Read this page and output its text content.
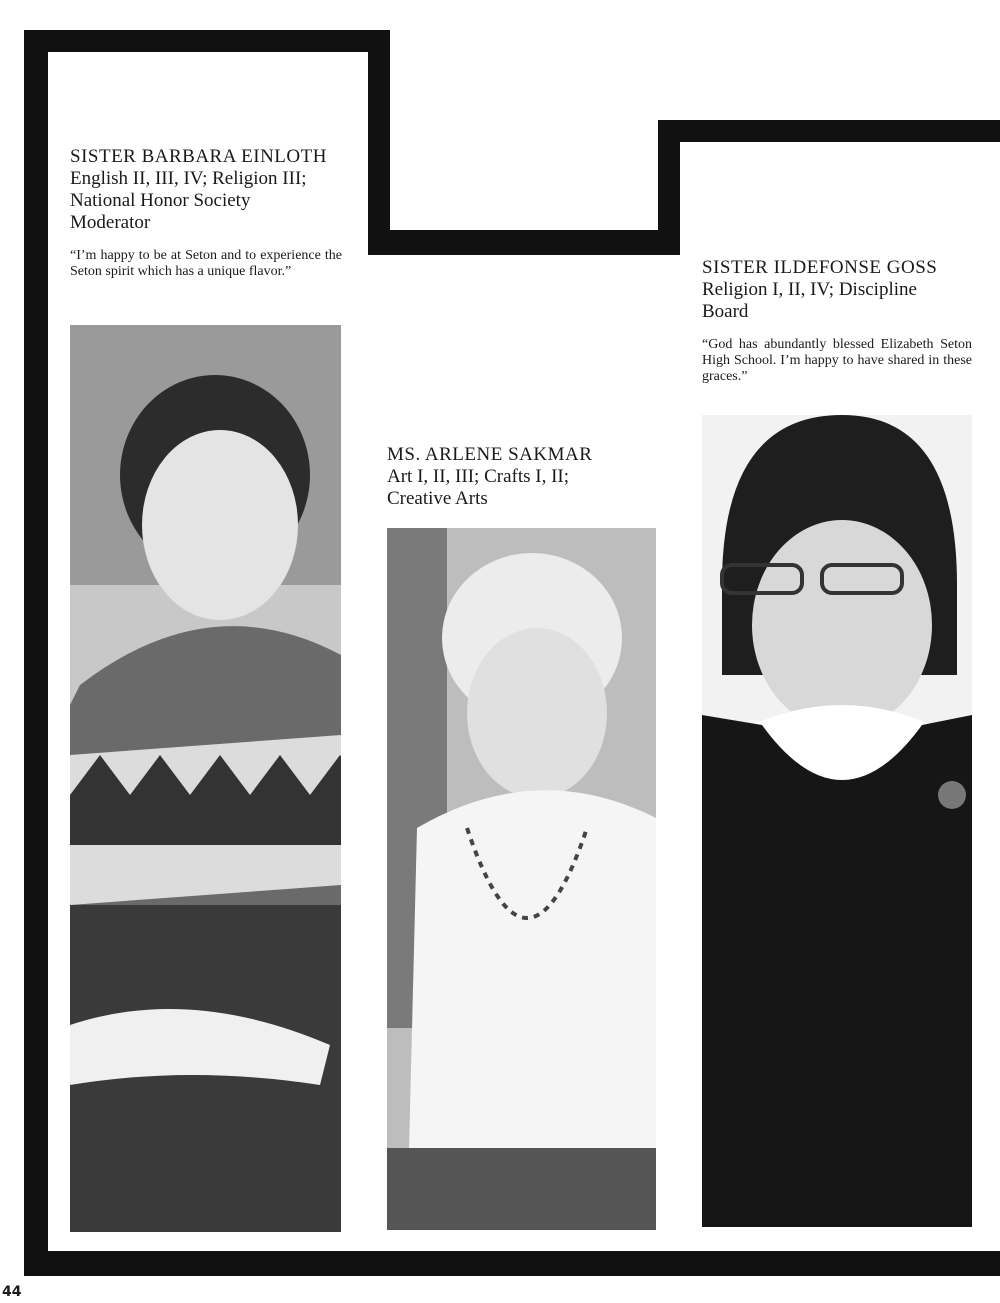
SISTER BARBARA EINLOTH

English II, III, IV; Religion III;

National Honor Society

Moderator

“I’m happy to be at Seton and to experience the Seton spirit which has a unique flavor.”

MS. ARLENE SAKMAR

Art I, II, III; Crafts I, II;

Creative Arts

SISTER ILDEFONSE GOSS

Religion I, II, IV; Discipline

Board

“God has abundantly blessed Elizabeth Seton High School. I’m happy to have shared in these graces.”

44
